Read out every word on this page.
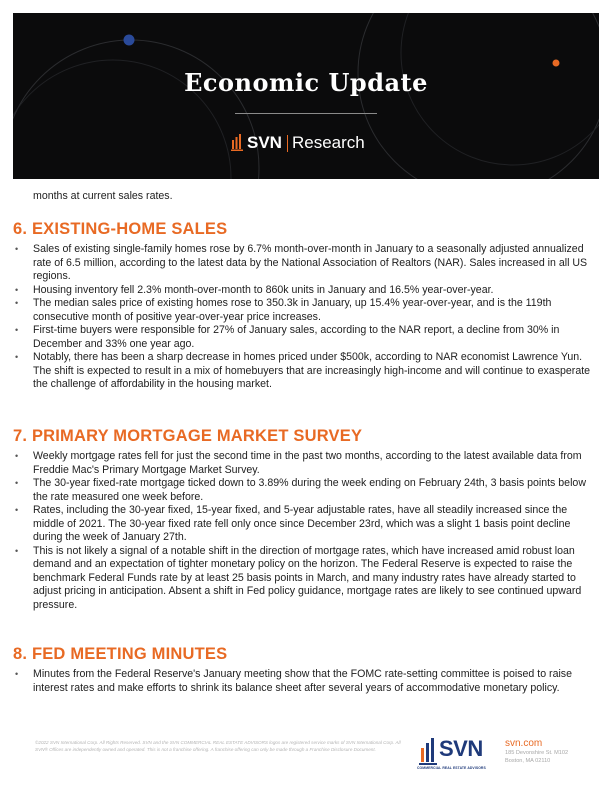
Economic Update
SVN Research

months at current sales rates.

6. EXISTING-HOME SALES
• Sales of existing single-family homes rose by 6.7% month-over-month in January to a seasonally adjusted annualized rate of 6.5 million, according to the latest data by the National Association of Realtors (NAR). Sales increased in all US regions.
• Housing inventory fell 2.3% month-over-month to 860k units in January and 16.5% year-over-year.
• The median sales price of existing homes rose to 350.3k in January, up 15.4% year-over-year, and is the 119th consecutive month of positive year-over-year price increases.
• First-time buyers were responsible for 27% of January sales, according to the NAR report, a decline from 30% in December and 33% one year ago.
• Notably, there has been a sharp decrease in homes priced under $500k, according to NAR economist Lawrence Yun. The shift is expected to result in a mix of homebuyers that are increasingly high-income and will continue to exasperate the challenge of affordability in the housing market.
7. PRIMARY MORTGAGE MARKET SURVEY
• Weekly mortgage rates fell for just the second time in the past two months, according to the latest available data from Freddie Mac's Primary Mortgage Market Survey.
• The 30-year fixed-rate mortgage ticked down to 3.89% during the week ending on February 24th, 3 basis points below the rate measured one week before.
• Rates, including the 30-year fixed, 15-year fixed, and 5-year adjustable rates, have all steadily increased since the middle of 2021. The 30-year fixed rate fell only once since December 23rd, which was a slight 1 basis point decline during the week of January 27th.
• This is not likely a signal of a notable shift in the direction of mortgage rates, which have increased amid robust loan demand and an expectation of tighter monetary policy on the horizon. The Federal Reserve is expected to raise the benchmark Federal Funds rate by at least 25 basis points in March, and many industry rates have already started to adjust pricing in anticipation. Absent a shift in Fed policy guidance, mortgage rates are likely to see continued upward pressure.
8. FED MEETING MINUTES
• Minutes from the Federal Reserve's January meeting show that the FOMC rate-setting committee is poised to raise interest rates and make efforts to shrink its balance sheet after several years of accommodative monetary policy.
©2022 SVN International Corp. All Rights Reserved. SVN and the SVN COMMERCIAL REAL ESTATE ADVISORS logos are registered service marks of SVN International Corp. All SVN® Offices are independently owned and operated. This is not a franchise offering. A franchise offering can only be made through a Franchise Disclosure Document.	SVN
COMMERCIAL REAL ESTATE ADVISORS
svn.com
185 Devonshire St. M102
Boston, MA 02110
